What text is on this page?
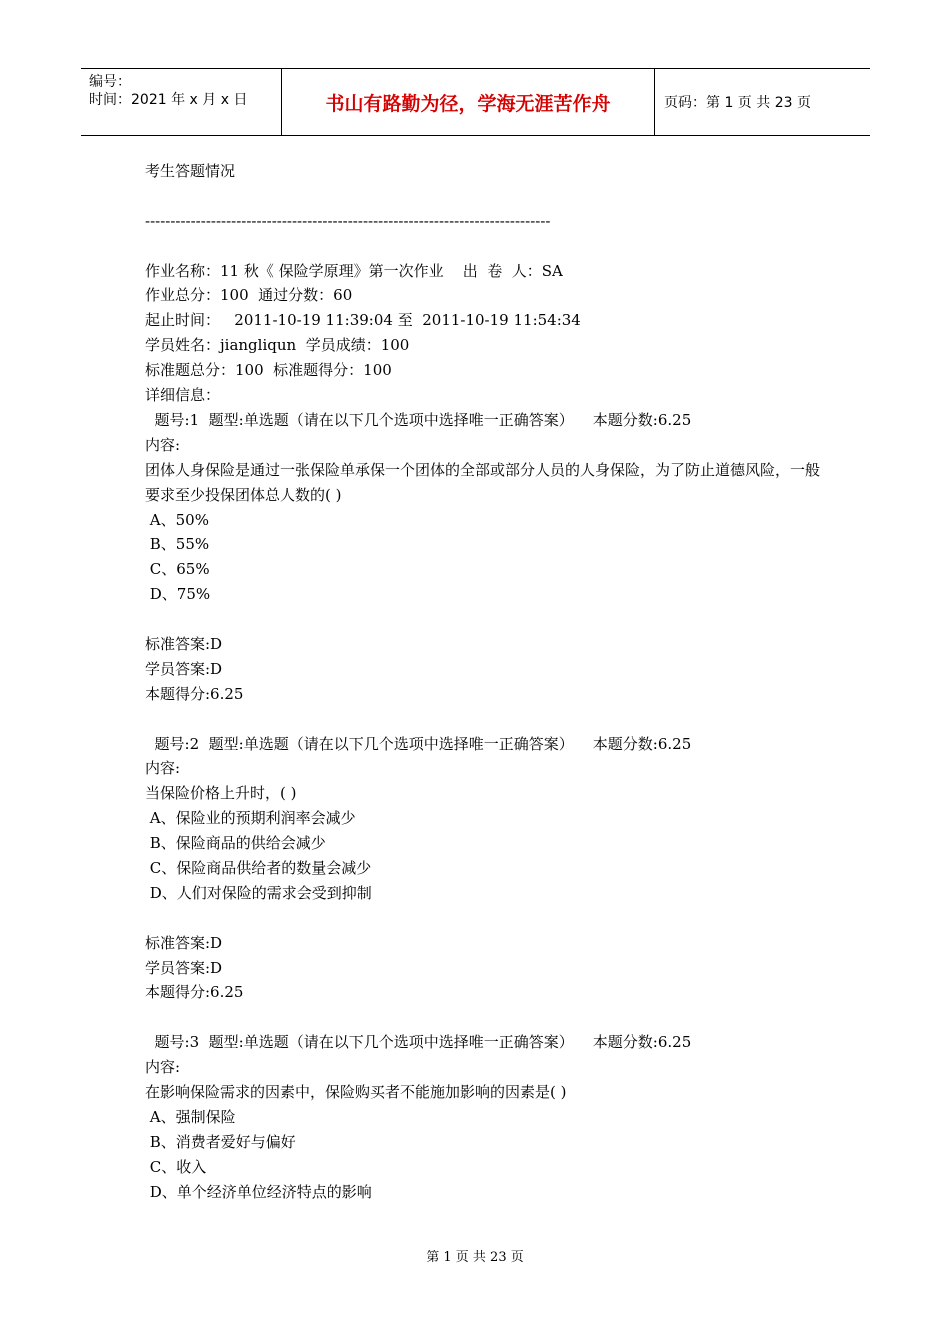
编号：
时间：2021 年 x 月 x 日	书山有路勤为径，学海无涯苦作舟	页码：第 1 页 共 23 页
考生答题情况
--------------------------------------------------------------------------------
作业名称：11 秋《 保险学原理》第一次作业    出  卷  人：SA
作业总分：100  通过分数：60
起止时间：   2011-10-19 11:39:04 至  2011-10-19 11:54:34
学员姓名：jiangliqun  学员成绩：100
标准题总分：100  标准题得分：100
详细信息：
题号:1  题型:单选题（请在以下几个选项中选择唯一正确答案）    本题分数:6.25
内容:
团体人身保险是通过一张保险单承保一个团体的全部或部分人员的人身保险，为了防止道德风险，一般要求至少投保团体总人数的( )
A、50%
B、55%
C、65%
D、75%
标准答案:D
学员答案:D
本题得分:6.25
题号:2  题型:单选题（请在以下几个选项中选择唯一正确答案）    本题分数:6.25
内容:
当保险价格上升时，( )
A、保险业的预期利润率会减少
B、保险商品的供给会减少
C、保险商品供给者的数量会减少
D、人们对保险的需求会受到抑制
标准答案:D
学员答案:D
本题得分:6.25
题号:3  题型:单选题（请在以下几个选项中选择唯一正确答案）    本题分数:6.25
内容:
在影响保险需求的因素中，保险购买者不能施加影响的因素是( )
A、强制保险
B、消费者爱好与偏好
C、收入
D、单个经济单位经济特点的影响
第 1 页 共 23 页
